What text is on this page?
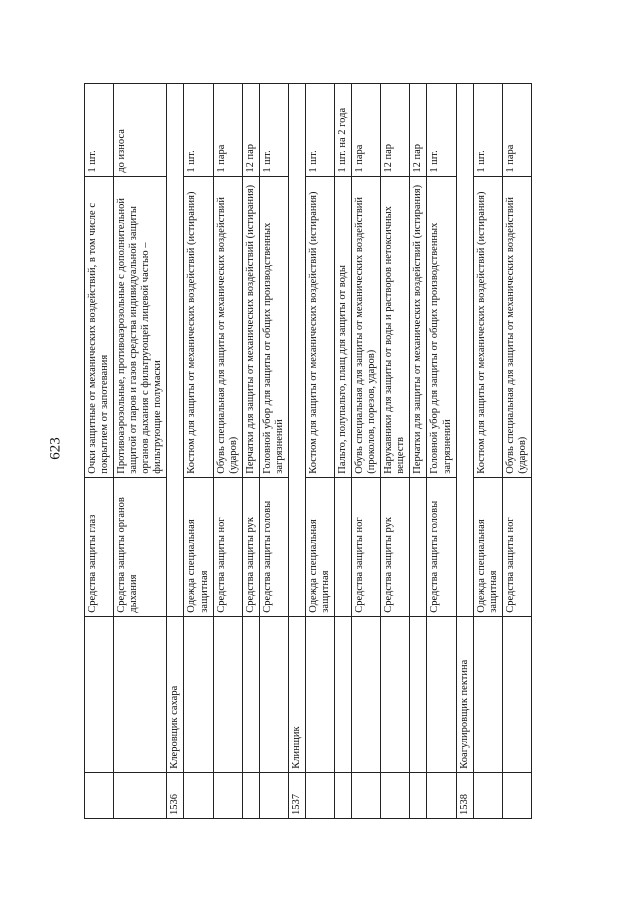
623
		Средства защиты глаз	Очки защитные от механических воздействий, в том числе с покрытием от запотевания	1 шт.
		Средства защиты органов дыхания	Противоаэрозольные, противоаэрозольные с дополнительной защитой от паров и газов средства индивидуальной защиты органов дыхания с фильтрующей лицевой частью – фильтрующие полумаски	до износа
1536	Клеровщик сахара			
		Одежда специальная защитная	Костюм для защиты от механических воздействий (истирания)	1 шт.
		Средства защиты ног	Обувь специальная для защиты от механических воздействий (ударов)	1 пара
		Средства защиты рук	Перчатки для защиты от механических воздействий (истирания)	12 пар
		Средства защиты головы	Головной убор для защиты от общих производственных загрязнений	1 шт.
1537	Клинщик			
		Одежда специальная защитная	Костюм для защиты от механических воздействий (истирания)	1 шт.
			Пальто, полупальто, плащ для защиты от воды	1 шт. на 2 года
		Средства защиты ног	Обувь специальная для защиты от механических воздействий (проколов, порезов, ударов)	1 пара
		Средства защиты рук	Нарукавники для защиты от воды и растворов нетоксичных веществ	12 пар
			Перчатки для защиты от механических воздействий (истирания)	12 пар
		Средства защиты головы	Головной убор для защиты от общих производственных загрязнений	1 шт.
1538	Коагулировщик пектина			
		Одежда специальная защитная	Костюм для защиты от механических воздействий (истирания)	1 шт.
		Средства защиты ног	Обувь специальная для защиты от механических воздействий (ударов)	1 пара
